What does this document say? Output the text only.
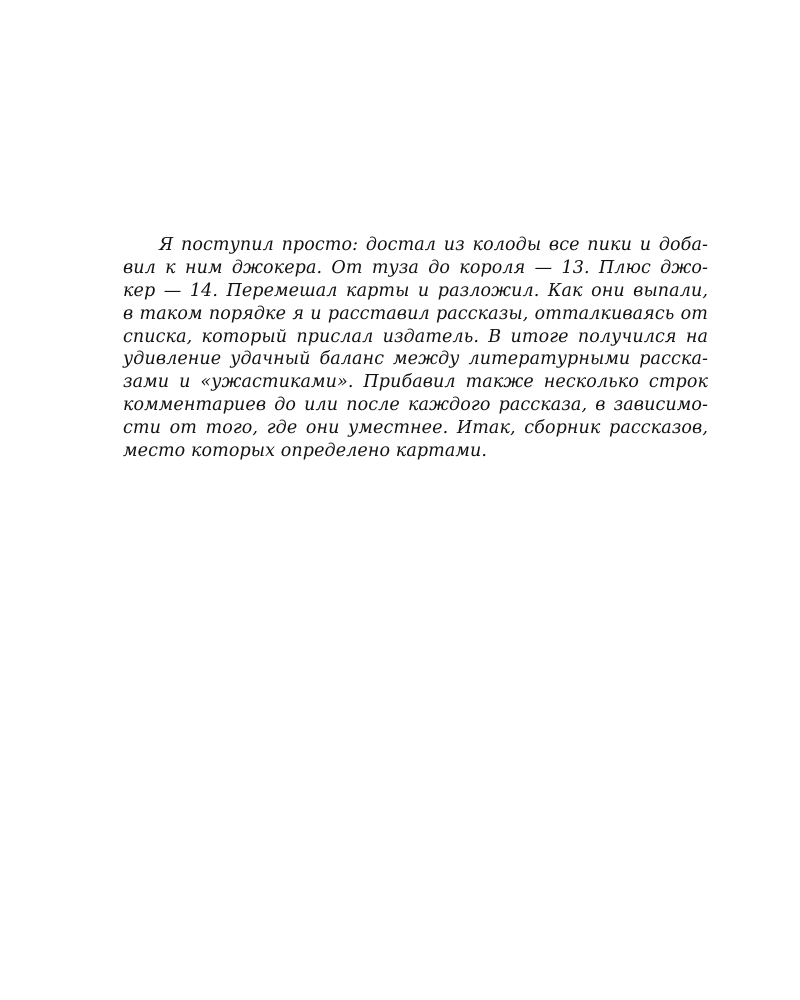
Я поступил просто: достал из колоды все пики и доба-
вил к ним джокера. От туза до короля — 13. Плюс джо-
кер — 14. Перемешал карты и разложил. Как они выпали,
в таком порядке я и расставил рассказы, отталкиваясь от
списка, который прислал издатель. В итоге получился на
удивление удачный баланс между литературными расска-
зами и «ужастиками». Прибавил также несколько строк
комментариев до или после каждого рассказа, в зависимо-
сти от того, где они уместнее. Итак, сборник рассказов,
место которых определено картами.
